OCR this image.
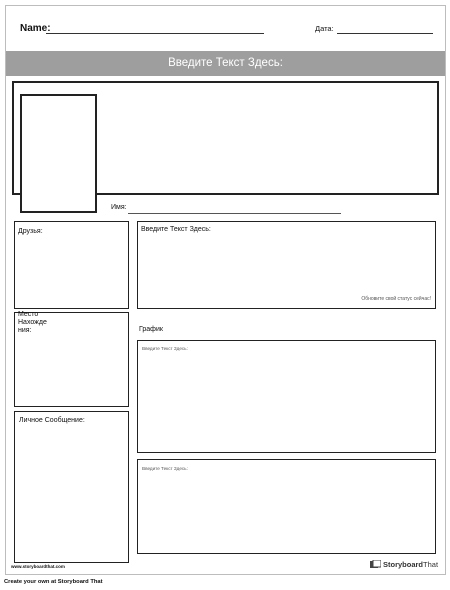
Name:	Дата:
Введите Текст Здесь:
Имя:
Друзья:
Место
Нахожде
ния:
Личное Сообщение:
Введите Текст Здесь:
Обновите свой статус сейчас!
График
Введите Текст Здесь:
Введите Текст Здесь:
www.storyboardthat.com	StoryboardThat
Create your own at Storyboard That
